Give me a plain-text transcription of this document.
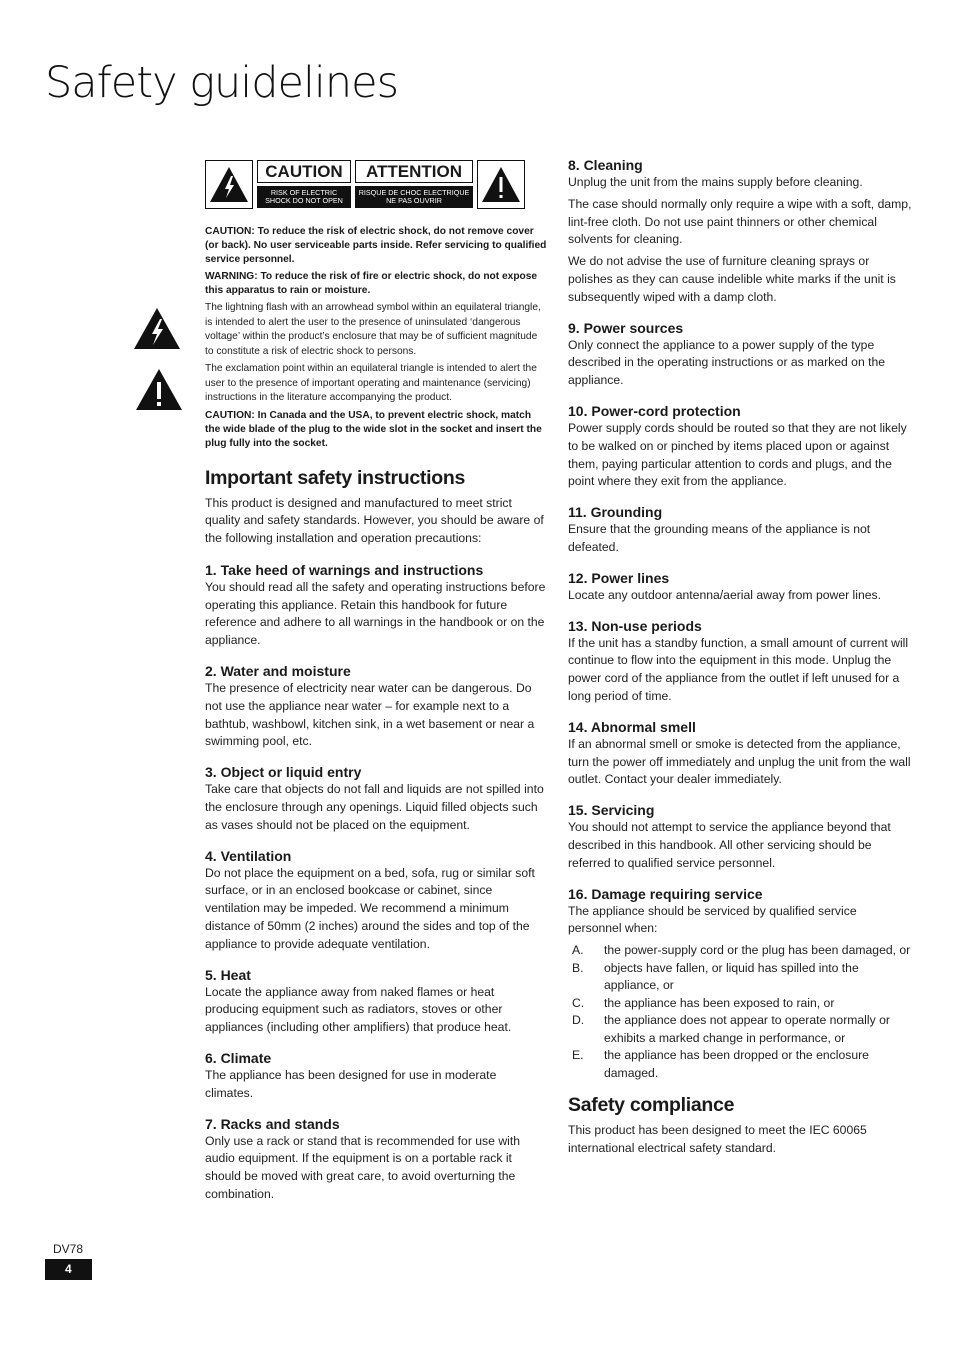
Safety guidelines
CAUTION
RISK OF ELECTRIC SHOCK DO NOT OPEN
ATTENTION
RISQUE DE CHOC ELECTRIQUE NE PAS OUVRIR

CAUTION: To reduce the risk of electric shock, do not remove cover (or back). No user serviceable parts inside. Refer servicing to qualified service personnel.

WARNING: To reduce the risk of fire or electric shock, do not expose this apparatus to rain or moisture.

The lightning flash with an arrowhead symbol within an equilateral triangle, is intended to alert the user to the presence of uninsulated ‘dangerous voltage’ within the product’s enclosure that may be of sufficient magnitude to constitute a risk of electric shock to persons.

The exclamation point within an equilateral triangle is intended to alert the user to the presence of important operating and maintenance (servicing) instructions in the literature accompanying the product.

CAUTION: In Canada and the USA, to prevent electric shock, match the wide blade of the plug to the wide slot in the socket and insert the plug fully into the socket.

Important safety instructions

This product is designed and manufactured to meet strict quality and safety standards. However, you should be aware of the following installation and operation precautions:

1. Take heed of warnings and instructions

You should read all the safety and operating instructions before operating this appliance. Retain this handbook for future reference and adhere to all warnings in the handbook or on the appliance.

2. Water and moisture

The presence of electricity near water can be dangerous. Do not use the appliance near water – for example next to a bathtub, washbowl, kitchen sink, in a wet basement or near a swimming pool, etc.

3. Object or liquid entry

Take care that objects do not fall and liquids are not spilled into the enclosure through any openings. Liquid filled objects such as vases should not be placed on the equipment.

4. Ventilation

Do not place the equipment on a bed, sofa, rug or similar soft surface, or in an enclosed bookcase or cabinet, since ventilation may be impeded. We recommend a minimum distance of 50mm (2 inches) around the sides and top of the appliance to provide adequate ventilation.

5. Heat

Locate the appliance away from naked flames or heat producing equipment such as radiators, stoves or other appliances (including other amplifiers) that produce heat.

6. Climate

The appliance has been designed for use in moderate climates.

7. Racks and stands

Only use a rack or stand that is recommended for use with audio equipment. If the equipment is on a portable rack it should be moved with great care, to avoid overturning the combination.

8. Cleaning

Unplug the unit from the mains supply before cleaning.

The case should normally only require a wipe with a soft, damp, lint-free cloth. Do not use paint thinners or other chemical solvents for cleaning.

We do not advise the use of furniture cleaning sprays or polishes as they can cause indelible white marks if the unit is subsequently wiped with a damp cloth.

9. Power sources

Only connect the appliance to a power supply of the type described in the operating instructions or as marked on the appliance.

10. Power-cord protection

Power supply cords should be routed so that they are not likely to be walked on or pinched by items placed upon or against them, paying particular attention to cords and plugs, and the point where they exit from the appliance.

11. Grounding

Ensure that the grounding means of the appliance is not defeated.

12. Power lines

Locate any outdoor antenna/aerial away from power lines.

13. Non-use periods

If the unit has a standby function, a small amount of current will continue to flow into the equipment in this mode. Unplug the power cord of the appliance from the outlet if left unused for a long period of time.

14. Abnormal smell

If an abnormal smell or smoke is detected from the appliance, turn the power off immediately and unplug the unit from the wall outlet. Contact your dealer immediately.

15. Servicing

You should not attempt to service the appliance beyond that described in this handbook. All other servicing should be referred to qualified service personnel.

16. Damage requiring service

The appliance should be serviced by qualified service personnel when:

A.	the power-supply cord or the plug has been damaged, or
B.	objects have fallen, or liquid has spilled into the appliance, or
C.	the appliance has been exposed to rain, or
D.	the appliance does not appear to operate normally or exhibits a marked change in performance, or
E.	the appliance has been dropped or the enclosure damaged.
Safety compliance

This product has been designed to meet the IEC 60065 international electrical safety standard.

DV78
4
